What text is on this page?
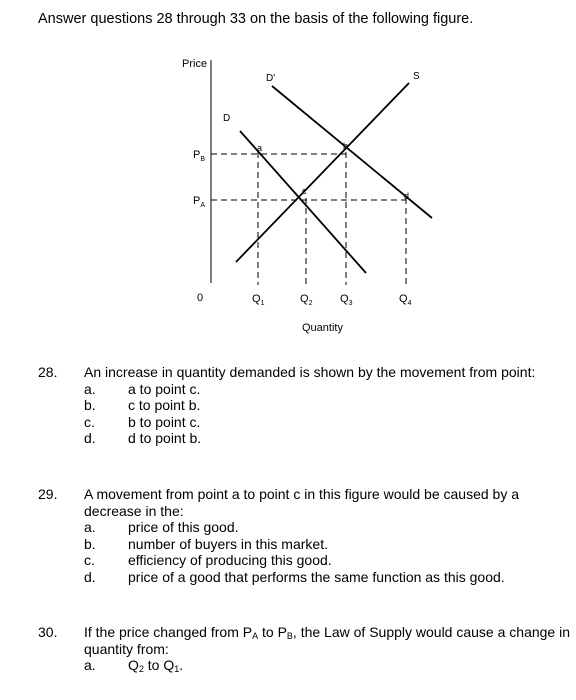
Answer questions 28 through 33 on the basis of the following figure.
Price
Quantity
0
$P_B$
$P_A$
$Q_1$	$Q_2$	$Q_3$	$Q_4$
D
D'	S
a	b
c	d
28. An increase in quantity demanded is shown by the movement from point:
a. a to point c.
b. c to point b.
c. b to point c.
d. d to point b.
29. A movement from point a to point c in this figure would be caused by a decrease in the:
a. price of this good.
b. number of buyers in this market.
c. efficiency of producing this good.
d. price of a good that performs the same function as this good.
30. If the price changed from $P_A$ to $P_B$, the Law of Supply would cause a change in quantity from:
a. $Q_2$ to $Q_1$.
